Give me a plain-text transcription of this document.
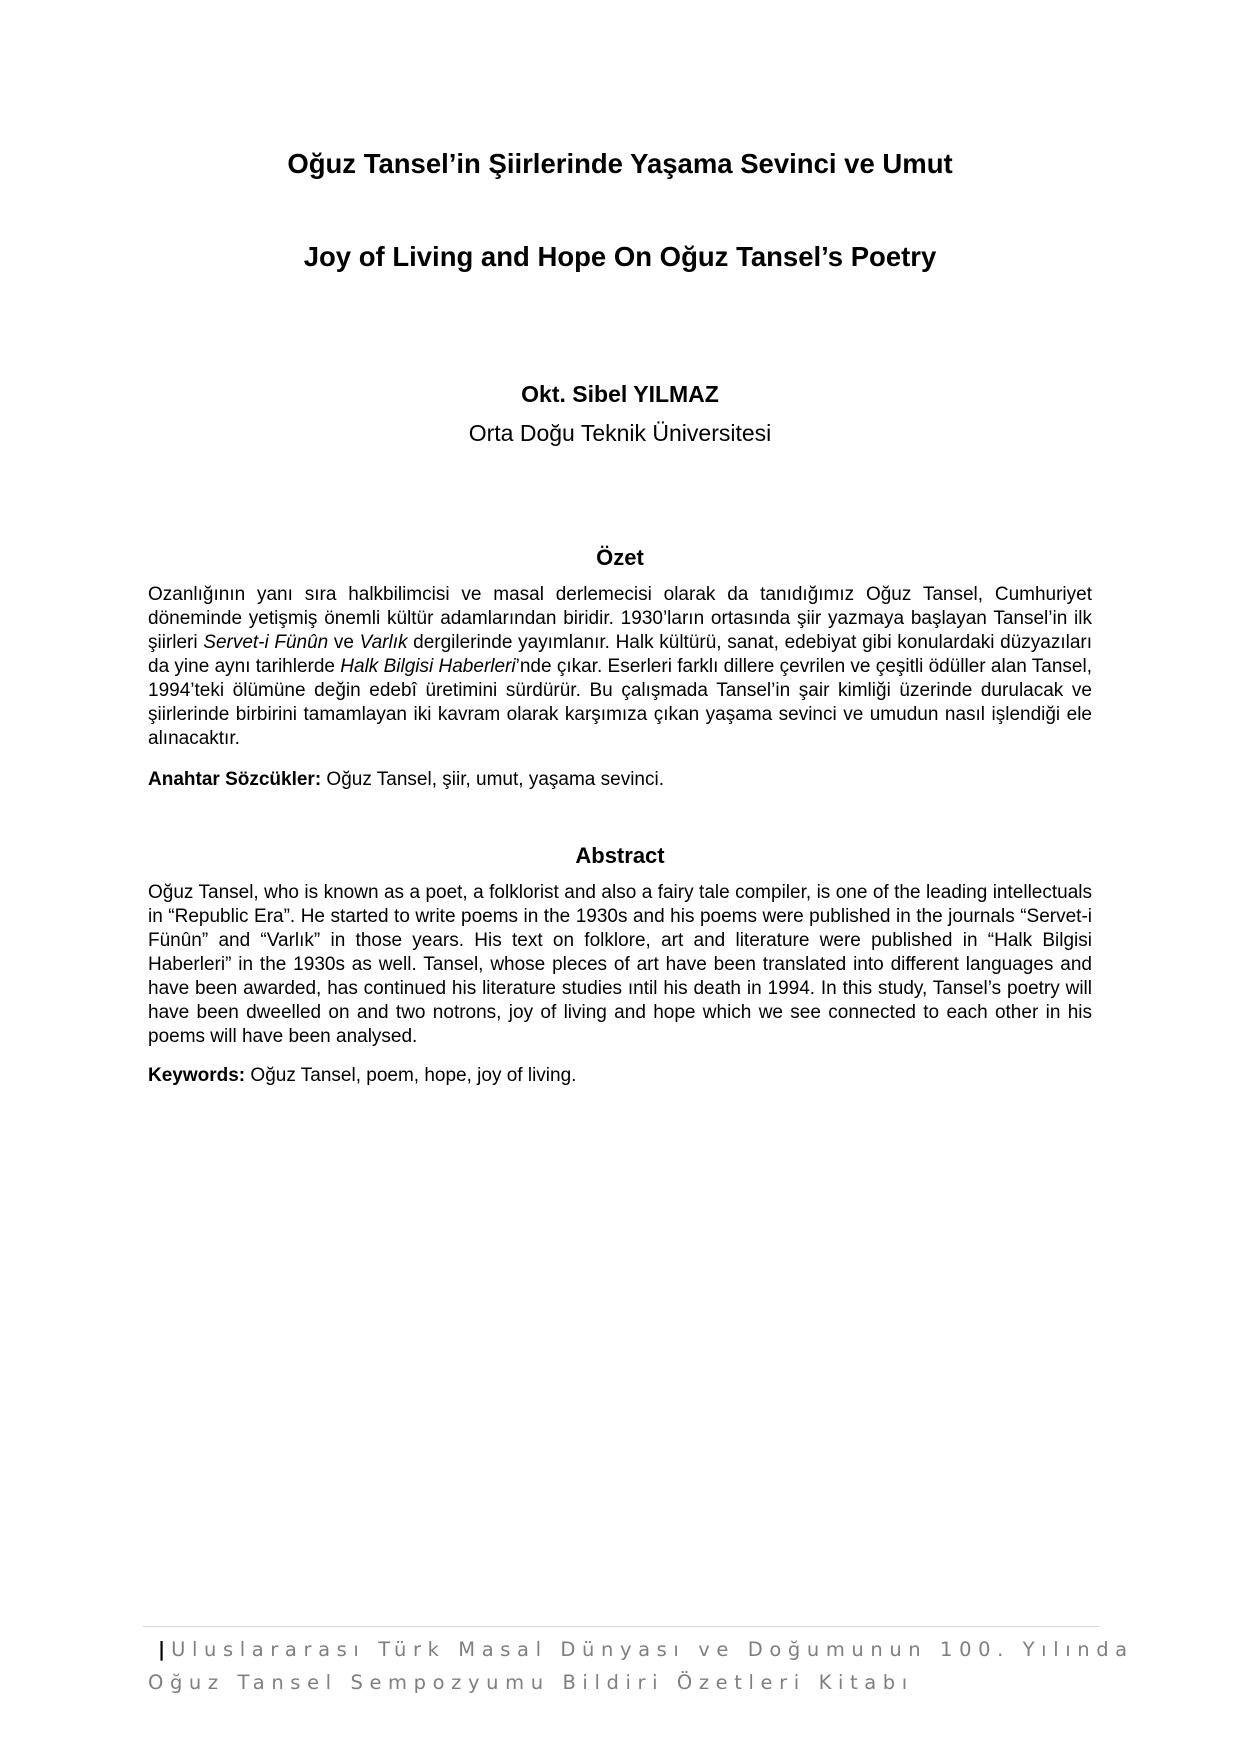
Oğuz Tansel’in Şiirlerinde Yaşama Sevinci ve Umut
Joy of Living and Hope On Oğuz Tansel’s Poetry
Okt. Sibel YILMAZ
Orta Doğu Teknik Üniversitesi
Özet

Ozanlığının yanı sıra halkbilimcisi ve masal derlemecisi olarak da tanıdığımız Oğuz Tansel, Cumhuriyet döneminde yetişmiş önemli kültür adamlarından biridir. 1930’ların ortasında şiir yazmaya başlayan Tansel’in ilk şiirleri Servet-i Fünûn ve Varlık dergilerinde yayımlanır. Halk kültürü, sanat, edebiyat gibi konulardaki düzyazıları da yine aynı tarihlerde Halk Bilgisi Haberleri’nde çıkar. Eserleri farklı dillere çevrilen ve çeşitli ödüller alan Tansel, 1994’teki ölümüne değin edebî üretimini sürdürür. Bu çalışmada Tansel’in şair kimliği üzerinde durulacak ve şiirlerinde birbirini tamamlayan iki kavram olarak karşımıza çıkan yaşama sevinci ve umudun nasıl işlendiği ele alınacaktır.

Anahtar Sözcükler: Oğuz Tansel, şiir, umut, yaşama sevinci.

Abstract

Oğuz Tansel, who is known as a poet, a folklorist and also a fairy tale compiler, is one of the leading intellectuals in “Republic Era”. He started to write poems in the 1930s and his poems were published in the journals “Servet-i Fünûn” and “Varlık” in those years. His text on folklore, art and literature were published in “Halk Bilgisi Haberleri” in the 1930s as well. Tansel, whose pleces of art have been translated into different languages and have been awarded, has continued his literature studies ıntil his death in 1994. In this study, Tansel’s poetry will have been dweelled on and two notrons, joy of living and hope which we see connected to each other in his poems will have been analysed.

Keywords: Oğuz Tansel, poem, hope, joy of living.

| Uluslararası Türk Masal Dünyası ve Doğumunun 100. Yılında
Oğuz Tansel Sempozyumu Bildiri Özetleri Kitabı
